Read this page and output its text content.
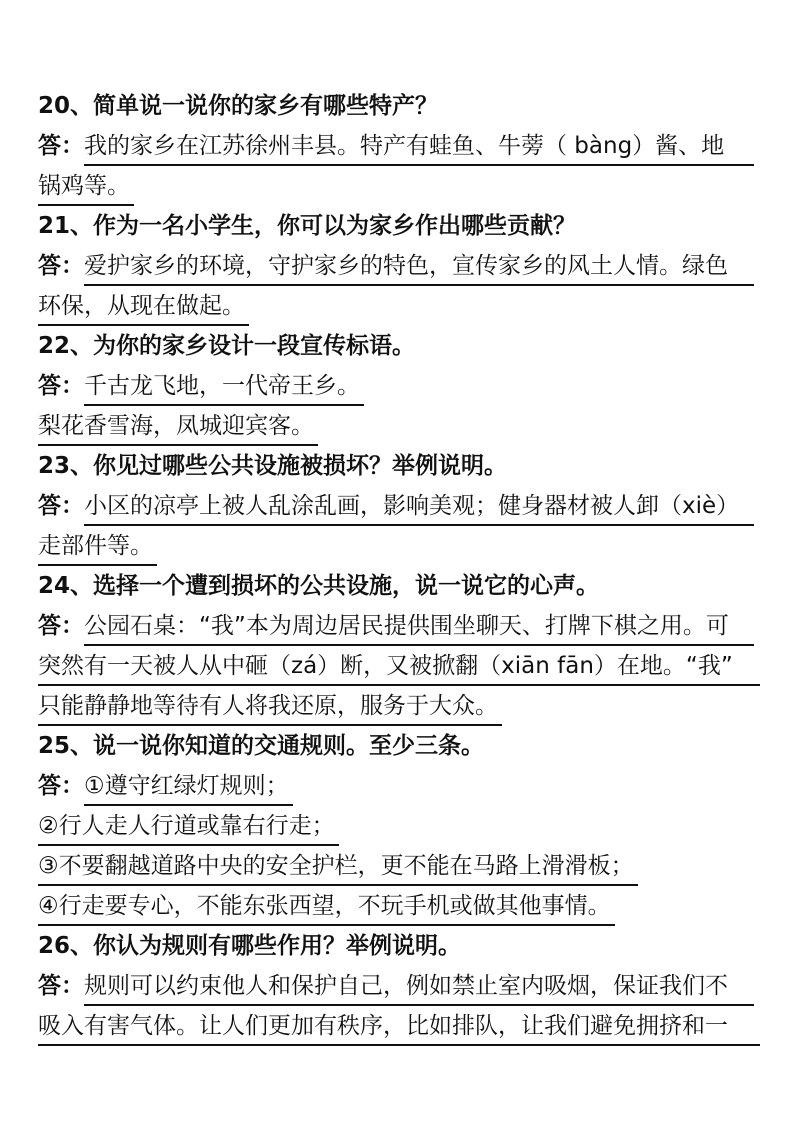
20、简单说一说你的家乡有哪些特产？
答：我的家乡在江苏徐州丰县。特产有蛙鱼、牛蒡（ bàng）酱、地
锅鸡等。
21、作为一名小学生，你可以为家乡作出哪些贡献？
答：爱护家乡的环境，守护家乡的特色，宣传家乡的风土人情。绿色
环保，从现在做起。
22、为你的家乡设计一段宣传标语。
答：千古龙飞地，一代帝王乡。
梨花香雪海，凤城迎宾客。
23、你见过哪些公共设施被损坏？举例说明。
答：小区的凉亭上被人乱涂乱画，影响美观；健身器材被人卸（xiè）
走部件等。
24、选择一个遭到损坏的公共设施，说一说它的心声。
答：公园石桌：“我”本为周边居民提供围坐聊天、打牌下棋之用。可
突然有一天被人从中砸（zá）断，又被掀翻（xiān fān）在地。“我”
只能静静地等待有人将我还原，服务于大众。
25、说一说你知道的交通规则。至少三条。
答：①遵守红绿灯规则；
②行人走人行道或靠右行走；
③不要翻越道路中央的安全护栏，更不能在马路上滑滑板；
④行走要专心，不能东张西望，不玩手机或做其他事情。
26、你认为规则有哪些作用？举例说明。
答：规则可以约束他人和保护自己，例如禁止室内吸烟，保证我们不
吸入有害气体。让人们更加有秩序，比如排队，让我们避免拥挤和一
